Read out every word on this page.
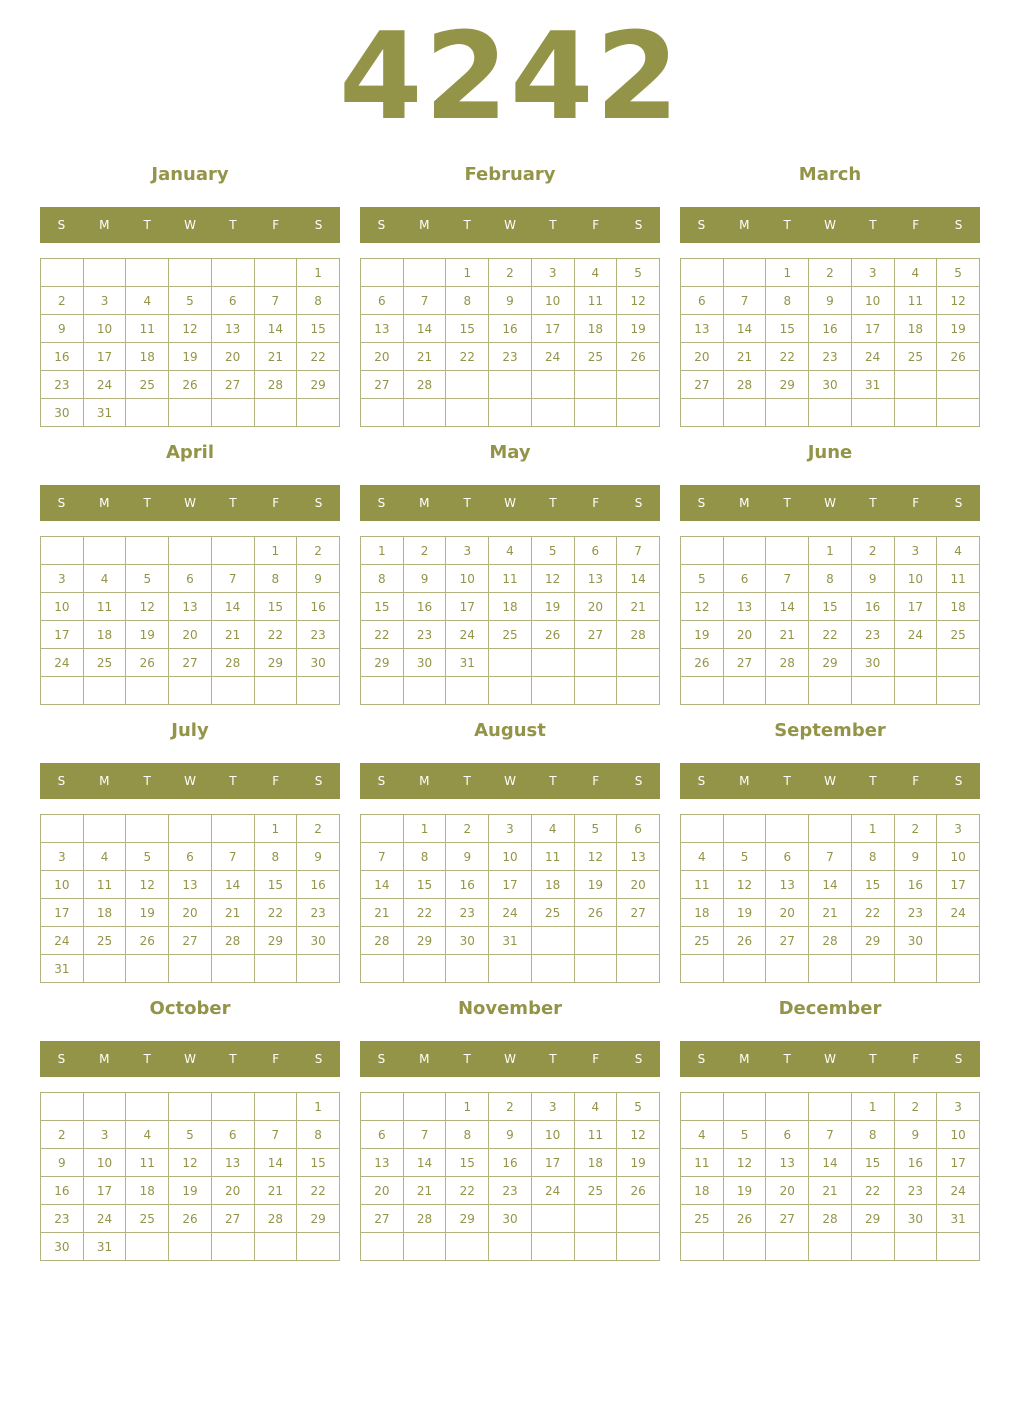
4242
January
S	M	T	W	T	F	S
						1
2	3	4	5	6	7	8
9	10	11	12	13	14	15
16	17	18	19	20	21	22
23	24	25	26	27	28	29
30	31					
February
S	M	T	W	T	F	S
		1	2	3	4	5
6	7	8	9	10	11	12
13	14	15	16	17	18	19
20	21	22	23	24	25	26
27	28					

March
S	M	T	W	T	F	S
		1	2	3	4	5
6	7	8	9	10	11	12
13	14	15	16	17	18	19
20	21	22	23	24	25	26
27	28	29	30	31		

April
S	M	T	W	T	F	S
					1	2
3	4	5	6	7	8	9
10	11	12	13	14	15	16
17	18	19	20	21	22	23
24	25	26	27	28	29	30

May
S	M	T	W	T	F	S
1	2	3	4	5	6	7
8	9	10	11	12	13	14
15	16	17	18	19	20	21
22	23	24	25	26	27	28
29	30	31				

June
S	M	T	W	T	F	S
			1	2	3	4
5	6	7	8	9	10	11
12	13	14	15	16	17	18
19	20	21	22	23	24	25
26	27	28	29	30		

July
S	M	T	W	T	F	S
					1	2
3	4	5	6	7	8	9
10	11	12	13	14	15	16
17	18	19	20	21	22	23
24	25	26	27	28	29	30
31						
August
S	M	T	W	T	F	S
	1	2	3	4	5	6
7	8	9	10	11	12	13
14	15	16	17	18	19	20
21	22	23	24	25	26	27
28	29	30	31			

September
S	M	T	W	T	F	S
				1	2	3
4	5	6	7	8	9	10
11	12	13	14	15	16	17
18	19	20	21	22	23	24
25	26	27	28	29	30	

October
S	M	T	W	T	F	S
						1
2	3	4	5	6	7	8
9	10	11	12	13	14	15
16	17	18	19	20	21	22
23	24	25	26	27	28	29
30	31					
November
S	M	T	W	T	F	S
		1	2	3	4	5
6	7	8	9	10	11	12
13	14	15	16	17	18	19
20	21	22	23	24	25	26
27	28	29	30			

December
S	M	T	W	T	F	S
				1	2	3
4	5	6	7	8	9	10
11	12	13	14	15	16	17
18	19	20	21	22	23	24
25	26	27	28	29	30	31
